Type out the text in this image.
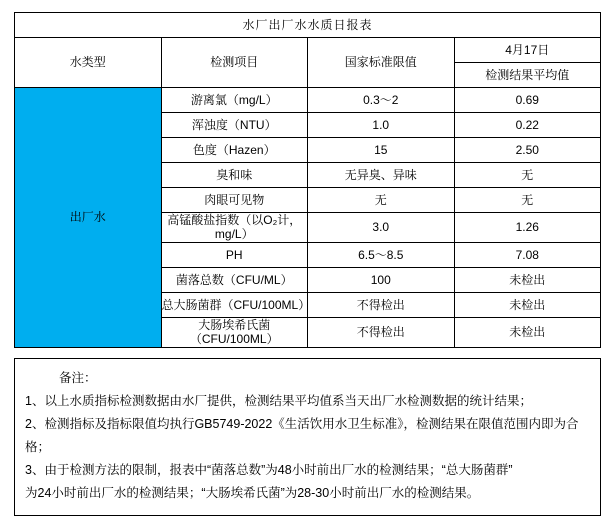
水厂出厂水水质日报表			
水类型	检测项目	国家标准限值	4月17日
			检测结果平均值
出厂水	游离氯（mg/L）	0.3～2	0.69
	浑浊度（NTU）	1.0	0.22
	色度（Hazen）	15	2.50
	臭和味	无异臭、异味	无
	肉眼可见物	无	无
	高锰酸盐指数（以O₂计，mg/L）	3.0	1.26
	PH	6.5～8.5	7.08
	菌落总数（CFU/ML）	100	未检出
	总大肠菌群（CFU/100ML）	不得检出	未检出
	大肠埃希氏菌（CFU/100ML）	不得检出	未检出

备注：

1、以上水质指标检测数据由水厂提供，检测结果平均值系当天出厂水检测数据的统计结果；

2、检测指标及指标限值均执行GB5749-2022《生活饮用水卫生标准》，检测结果在限值范围内即为合格；

3、由于检测方法的限制，报表中“菌落总数”为48小时前出厂水的检测结果；“总大肠菌群”

为24小时前出厂水的检测结果；“大肠埃希氏菌”为28-30小时前出厂水的检测结果。
